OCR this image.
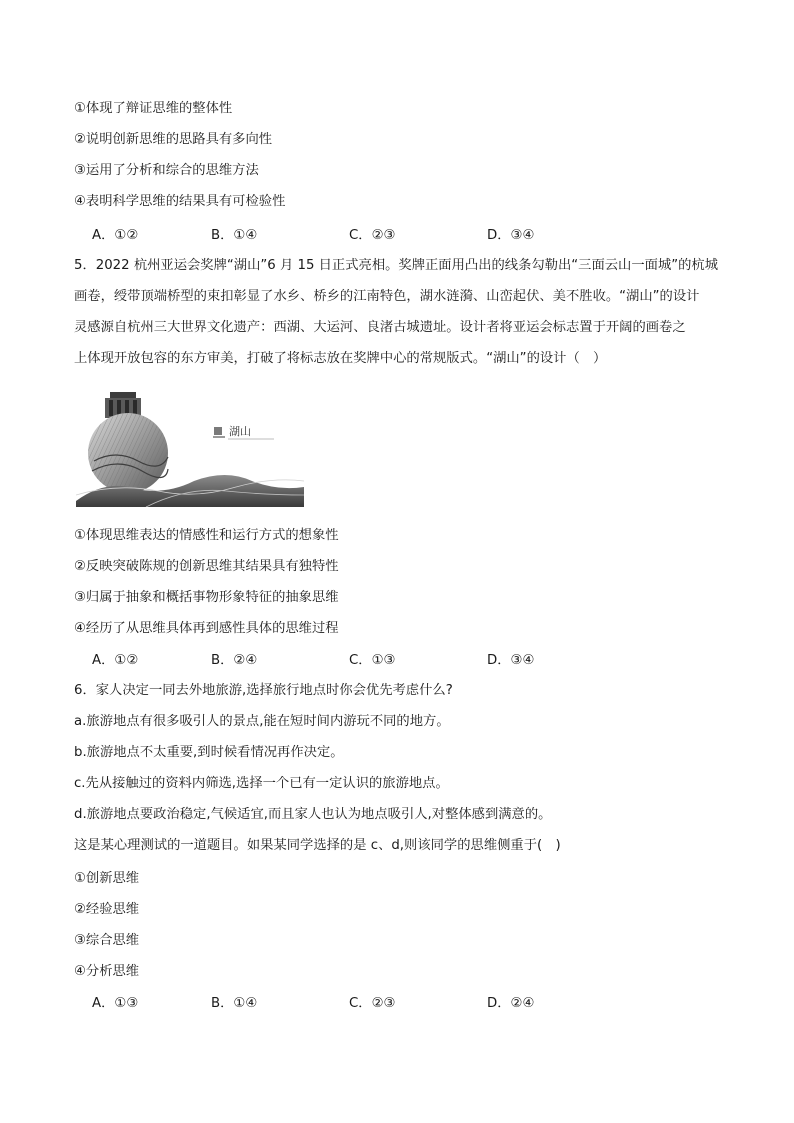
①体现了辩证思维的整体性
②说明创新思维的思路具有多向性
③运用了分析和综合的思维方法
④表明科学思维的结果具有可检验性
A．①②	B．①④	C．②③	D．③④
5．2022 杭州亚运会奖牌“湖山”6 月 15 日正式亮相。奖牌正面用凸出的线条勾勒出“三面云山一面城”的杭城
画卷，绶带顶端桥型的束扣彰显了水乡、桥乡的江南特色，湖水涟漪、山峦起伏、美不胜收。“湖山”的设计
灵感源自杭州三大世界文化遗产：西湖、大运河、良渚古城遗址。设计者将亚运会标志置于开阔的画卷之
上体现开放包容的东方审美，打破了将标志放在奖牌中心的常规版式。“湖山”的设计（　）
湖山
①体现思维表达的情感性和运行方式的想象性
②反映突破陈规的创新思维其结果具有独特性
③归属于抽象和概括事物形象特征的抽象思维
④经历了从思维具体再到感性具体的思维过程
A．①②	B．②④	C．①③	D．③④
6．家人决定一同去外地旅游,选择旅行地点时你会优先考虑什么?
a.旅游地点有很多吸引人的景点,能在短时间内游玩不同的地方。
b.旅游地点不太重要,到时候看情况再作决定。
c.先从接触过的资料内筛选,选择一个已有一定认识的旅游地点。
d.旅游地点要政治稳定,气候适宜,而且家人也认为地点吸引人,对整体感到满意的。
这是某心理测试的一道题目。如果某同学选择的是 c、d,则该同学的思维侧重于(　)
①创新思维
②经验思维
③综合思维
④分析思维
A．①③	B．①④	C．②③	D．②④
